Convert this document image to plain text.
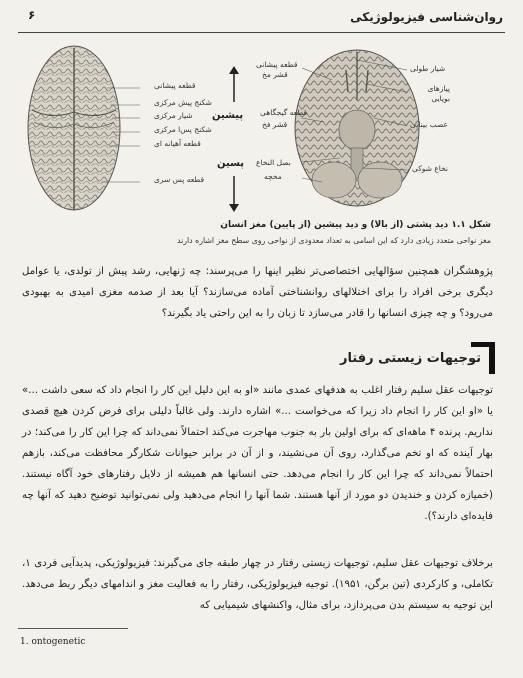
روان‌شناسی فیزیولوژیکی
۶
قطعه پیشانی
شکنج پیش مرکزی
شیار مرکزی
شکنج پس‌ا مرکزی
قطعه آهیانه ای
قطعه پس سری
پیشین
پسین
قطعه پیشانی
قشر مخ
قطعه گیجگاهی
قشر فخ
بصل النخاع
مخچه
شیار طولی
پیازهای بویایی
عصب بینایی
نخاع شوکی
شکل ۱.۱ دید پشتی (از بالا) و دید پیشین (از پایین) مغز انسان
مغز نواحی متعدد زیادی دارد که این اسامی به تعداد معدودی از نواحی روی سطح مغز اشاره دارند
پژوهشگران همچنین سؤالهایی اختصاصی‌تر نظیر اینها را می‌پرسند: چه ژنهایی، رشد پیش از تولدی، یا عوامل دیگری برخی افراد را برای اختلالهای روانشناختی آماده می‌سازند؟ آیا بعد از صدمه مغزی امیدی به بهبودی می‌رود؟ و چه چیزی انسانها را قادر می‌سازد تا زبان را به این راحتی یاد بگیرند؟
توجیهات زیستی رفتار
توجیهات عقل سلیم رفتار اغلب به هدفهای عمدی مانند «او به این دلیل این کار را انجام داد که سعی داشت ...» یا «او این کار را انجام داد زیرا که می‌خواست ...» اشاره دارند. ولی غالباً دلیلی برای فرض کردن هیچ قصدی نداریم. پرنده ۴ ماهه‌ای که برای اولین بار به جنوب مهاجرت می‌کند احتمالاً نمی‌داند که چرا این کار را می‌کند؛ در بهار آینده که او تخم می‌گذارد، روی آن می‌نشیند، و از آن در برابر حیوانات شکارگر محافظت می‌کند، بازهم احتمالاً نمی‌داند که چرا این کار را انجام می‌دهد. حتی انسانها هم همیشه از دلایل رفتارهای خود آگاه نیستند. (خمیازه کردن و خندیدن دو مورد از آنها هستند. شما آنها را انجام می‌دهید ولی نمی‌توانید توضیح دهید که آنها چه فایده‌ای دارند؟).
برخلاف توجیهات عقل سلیم، توجیهات زیستی رفتار در چهار طبقه جای می‌گیرند: فیزیولوژیکی، پدیدآیی فردی ۱، تکاملی، و کارکردی (تین برگن، ۱۹۵۱). توجیه فیزیولوژیکی، رفتار را به فعالیت مغز و اندامهای دیگر ربط می‌دهد. این توجیه به سیستم بدن می‌پردازد، برای مثال، واکنشهای شیمیایی که
1. ontogenetic
